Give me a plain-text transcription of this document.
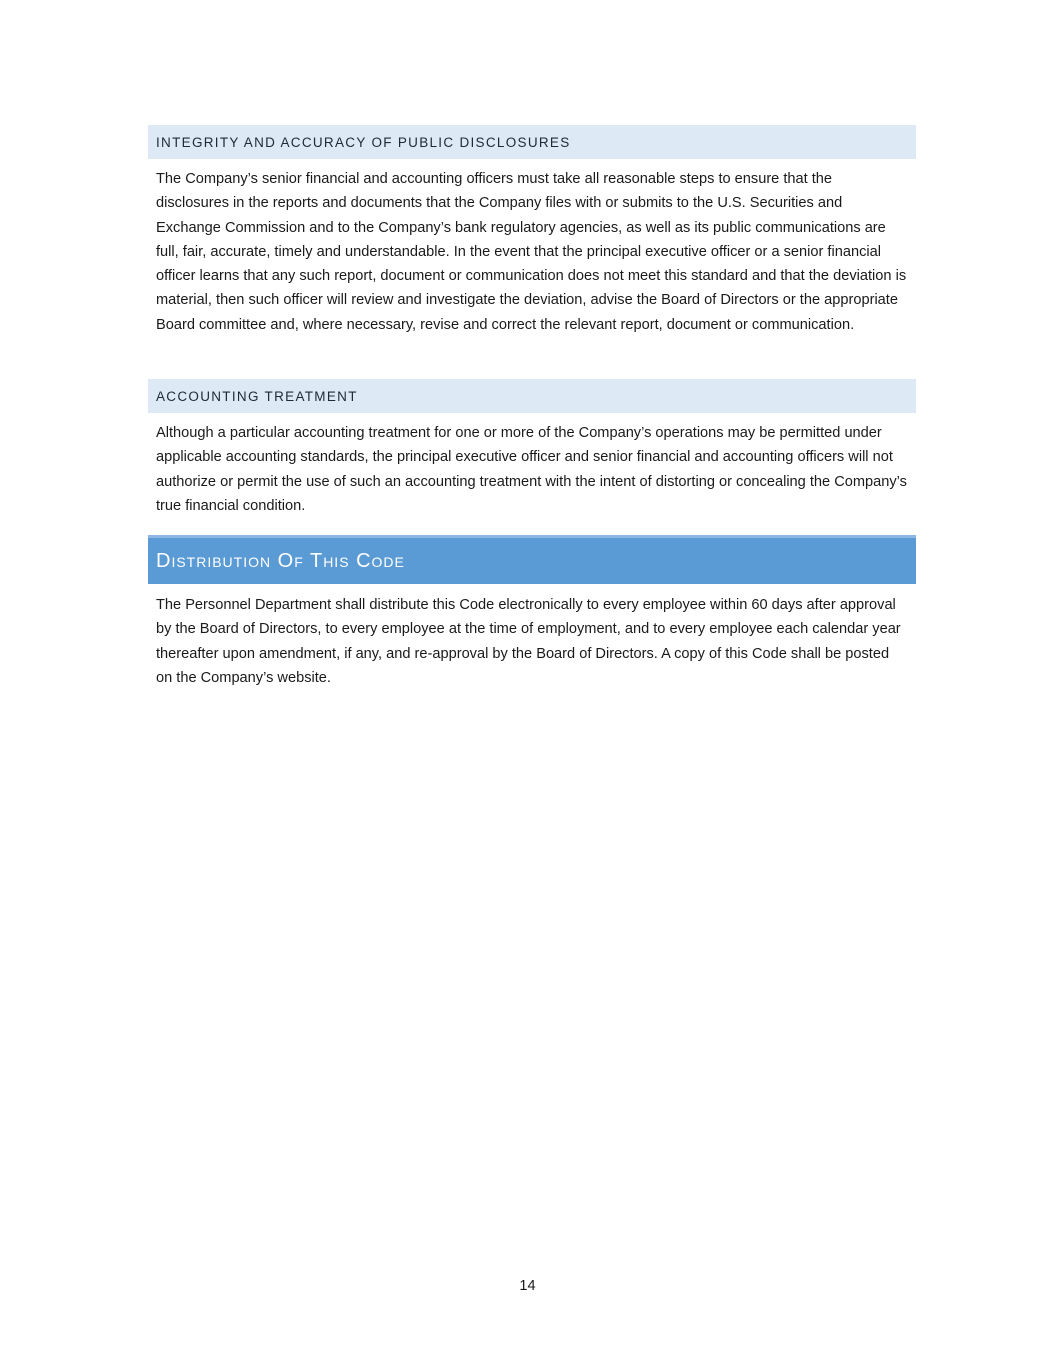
INTEGRITY AND ACCURACY OF PUBLIC DISCLOSURES

The Company’s senior financial and accounting officers must take all reasonable steps to ensure that the disclosures in the reports and documents that the Company files with or submits to the U.S. Securities and Exchange Commission and to the Company’s bank regulatory agencies, as well as its public communications are full, fair, accurate, timely and understandable. In the event that the principal executive officer or a senior financial officer learns that any such report, document or communication does not meet this standard and that the deviation is material, then such officer will review and investigate the deviation, advise the Board of Directors or the appropriate Board committee and, where necessary, revise and correct the relevant report, document or communication.

ACCOUNTING TREATMENT

Although a particular accounting treatment for one or more of the Company’s operations may be permitted under applicable accounting standards, the principal executive officer and senior financial and accounting officers will not authorize or permit the use of such an accounting treatment with the intent of distorting or concealing the Company’s true financial condition.

Distribution Of This Code

The Personnel Department shall distribute this Code electronically to every employee within 60 days after approval by the Board of Directors, to every employee at the time of employment, and to every employee each calendar year thereafter upon amendment, if any, and re-approval by the Board of Directors. A copy of this Code shall be posted on the Company’s website.

14
